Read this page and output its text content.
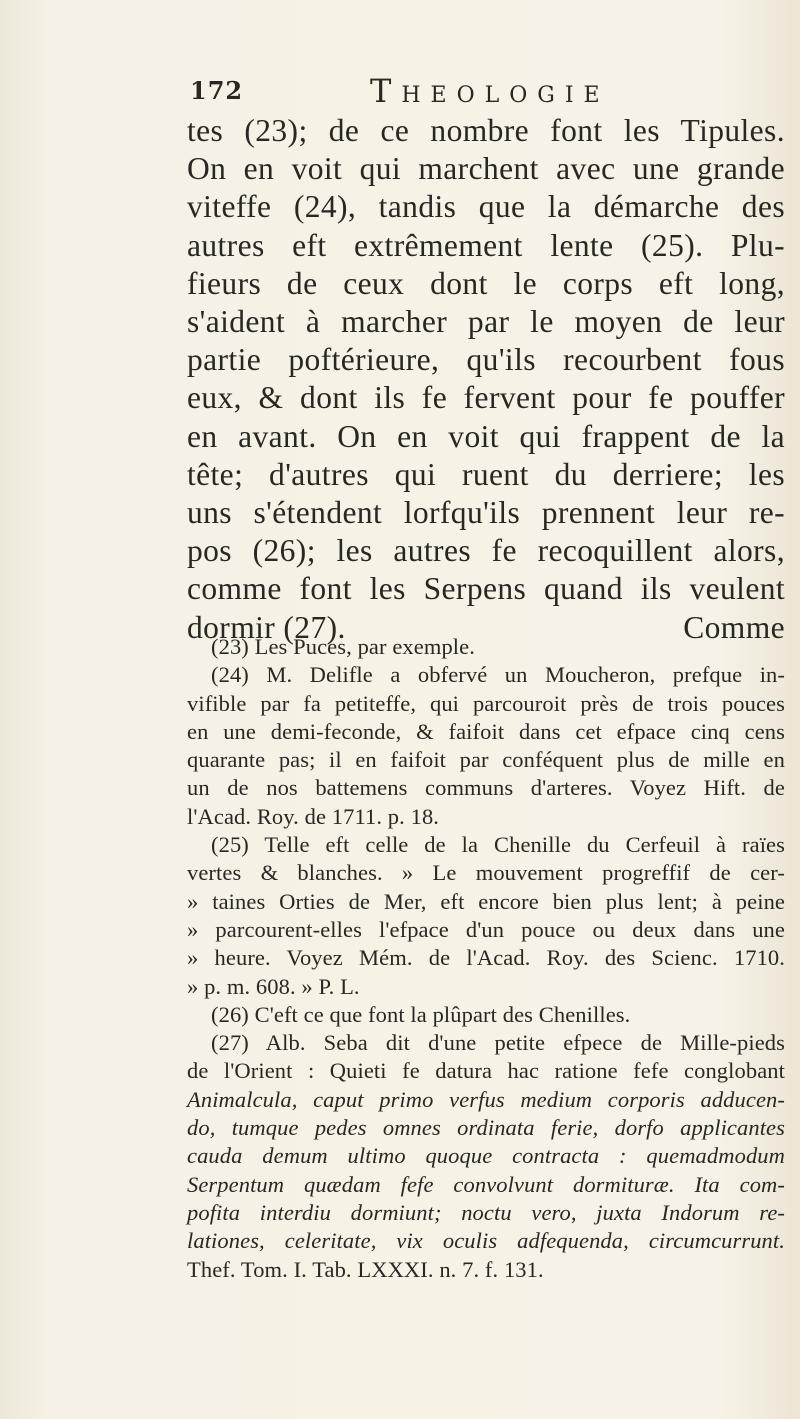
172	Theologie
tes (23); de ce nombre font les Tipules.
On en voit qui marchent avec une grande
viteffe (24), tandis que la démarche des
autres eft extrêmement lente (25). Plu-
fieurs de ceux dont le corps eft long,
s'aident à marcher par le moyen de leur
partie poftérieure, qu'ils recourbent fous
eux, & dont ils fe fervent pour fe pouffer
en avant. On en voit qui frappent de la
tête; d'autres qui ruent du derriere; les
uns s'étendent lorfqu'ils prennent leur re-
pos (26); les autres fe recoquillent alors,
comme font les Serpens quand ils veulent
dormir (27).	Comme
(23) Les Puces, par exemple.
(24) M. Delifle a obfervé un Moucheron, prefque in-
vifible par fa petiteffe, qui parcouroit près de trois pouces
en une demi-feconde, & faifoit dans cet efpace cinq cens
quarante pas; il en faifoit par conféquent plus de mille en
un de nos battemens communs d'arteres. Voyez Hift. de
l'Acad. Roy. de 1711. p. 18.
(25) Telle eft celle de la Chenille du Cerfeuil à raïes
vertes & blanches. » Le mouvement progreffif de cer-
» taines Orties de Mer, eft encore bien plus lent; à peine
» parcourent-elles l'efpace d'un pouce ou deux dans une
» heure. Voyez Mém. de l'Acad. Roy. des Scienc. 1710.
» p. m. 608. » P. L.
(26) C'eft ce que font la plûpart des Chenilles.
(27) Alb. Seba dit d'une petite efpece de Mille-pieds
de l'Orient : Quieti fe datura hac ratione fefe conglobant
Animalcula, caput primo verfus medium corporis adducen-
do, tumque pedes omnes ordinata ferie, dorfo applicantes
cauda demum ultimo quoque contracta : quemadmodum
Serpentum quædam fefe convolvunt dormituræ. Ita com-
pofita interdiu dormiunt; noctu vero, juxta Indorum re-
lationes, celeritate, vix oculis adfequenda, circumcurrunt.
Thef. Tom. I. Tab. LXXXI. n. 7. f. 131.
